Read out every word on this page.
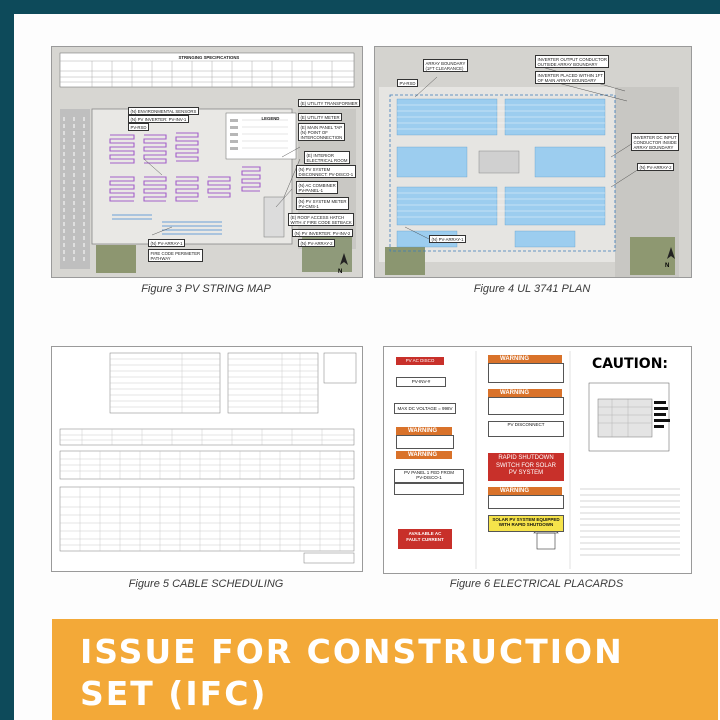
N
STRINGING SPECIFICATIONS
LEGEND
(N) ENVIRONMENTAL SENSORS
(N) PV INVERTER: PV-INV-1
PV-RSD
(E) UTILITY TRANSFORMER
(E) UTILITY METER
(E) MAIN PANEL TAP
(N) POINT OF
INTERCONNECTION
(E) INTERIOR
ELECTRICAL ROOM
(N) PV SYSTEM
DISCONNECT: PV-DISCO-1
(N) AC COMBINER
PV-PANEL-1
(N) PV SYSTEM METER
PV-CMS-1
(E) ROOF ACCESS HATCH
WITH 4' FIRE CODE SETBACK
(N) PV INVERTER: PV-INV-2
(N) PV-ARRAY-2
(N) PV-ARRAY-1
FIRE CODE PERIMETER
PATHWAY
Figure 3 PV STRING MAP
N
ARRAY BOUNDARY
(1FT CLEARANCE)
PV-RSD
INVERTER OUTPUT CONDUCTOR
OUTSIDE ARRAY BOUNDARY
INVERTER PLACED WITHIN 1FT
OF MAIN ARRAY BOUNDARY
INVERTER DC INPUT
CONDUCTOR INSIDE
ARRAY BOUNDARY
(N) PV-ARRAY-2
(N) PV-ARRAY-1
Figure 4 UL 3741 PLAN
Figure 5 CABLE SCHEDULING
PV AC DISCO
PV-INV-#
MAX DC VOLTAGE = 998V
WARNING
WARNING
PV PANEL 1 FED FROM
PV-DISCO-1
AVAILABLE AC
FAULT CURRENT
WARNING
WARNING
PV DISCONNECT
RAPID SHUTDOWN
SWITCH FOR SOLAR
PV SYSTEM
WARNING
SOLAR PV SYSTEM EQUIPPED
WITH RAPID SHUTDOWN
CAUTION:
Figure 6 ELECTRICAL PLACARDS
ISSUE FOR CONSTRUCTION
SET (IFC)
